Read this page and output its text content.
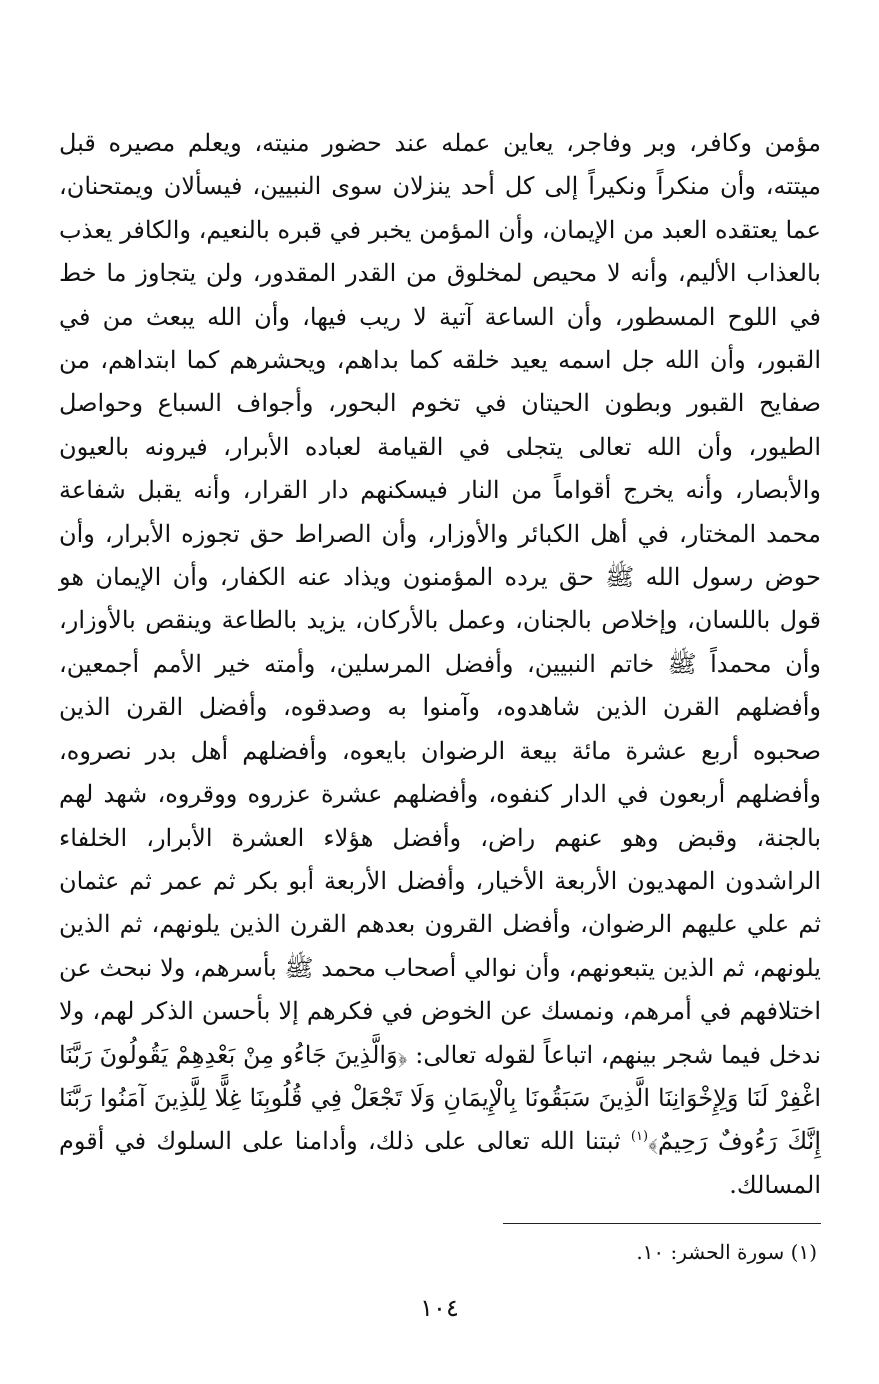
مؤمن وكافر، وبر وفاجر، يعاين عمله عند حضور منيته، ويعلم مصيره قبل ميتته، وأن منكراً ونكيراً إلى كل أحد ينزلان سوى النبيين، فيسألان ويمتحنان، عما يعتقده العبد من الإيمان، وأن المؤمن يخبر في قبره بالنعيم، والكافر يعذب بالعذاب الأليم، وأنه لا محيص لمخلوق من القدر المقدور، ولن يتجاوز ما خط في اللوح المسطور، وأن الساعة آتية لا ريب فيها، وأن الله يبعث من في القبور، وأن الله جل اسمه يعيد خلقه كما بداهم، ويحشرهم كما ابتداهم، من صفايح القبور وبطون الحيتان في تخوم البحور، وأجواف السباع وحواصل الطيور، وأن الله تعالى يتجلى في القيامة لعباده الأبرار، فيرونه بالعيون والأبصار، وأنه يخرج أقواماً من النار فيسكنهم دار القرار، وأنه يقبل شفاعة محمد المختار، في أهل الكبائر والأوزار، وأن الصراط حق تجوزه الأبرار، وأن حوض رسول الله ﷺ حق يرده المؤمنون ويذاد عنه الكفار، وأن الإيمان هو قول باللسان، وإخلاص بالجنان، وعمل بالأركان، يزيد بالطاعة وينقص بالأوزار، وأن محمداً ﷺ خاتم النبيين، وأفضل المرسلين، وأمته خير الأمم أجمعين، وأفضلهم القرن الذين شاهدوه، وآمنوا به وصدقوه، وأفضل القرن الذين صحبوه أربع عشرة مائة بيعة الرضوان بايعوه، وأفضلهم أهل بدر نصروه، وأفضلهم أربعون في الدار كنفوه، وأفضلهم عشرة عزروه ووقروه، شهد لهم بالجنة، وقبض وهو عنهم راض، وأفضل هؤلاء العشرة الأبرار، الخلفاء الراشدون المهديون الأربعة الأخيار، وأفضل الأربعة أبو بكر ثم عمر ثم عثمان ثم علي عليهم الرضوان، وأفضل القرون بعدهم القرن الذين يلونهم، ثم الذين يلونهم، ثم الذين يتبعونهم، وأن نوالي أصحاب محمد ﷺ بأسرهم، ولا نبحث عن اختلافهم في أمرهم، ونمسك عن الخوض في فكرهم إلا بأحسن الذكر لهم، ولا ندخل فيما شجر بينهم، اتباعاً لقوله تعالى: ﴿وَالَّذِينَ جَاءُو مِنْ بَعْدِهِمْ يَقُولُونَ رَبَّنَا اغْفِرْ لَنَا وَلِإِخْوَانِنَا الَّذِينَ سَبَقُونَا بِالْإِيمَانِ وَلَا تَجْعَلْ فِي قُلُوبِنَا غِلًّا لِلَّذِينَ آمَنُوا رَبَّنَا إِنَّكَ رَءُوفٌ رَحِيمٌ﴾$^{(١)}$ ثبتنا الله تعالى على ذلك، وأدامنا على السلوك في أقوم المسالك.

(١) سورة الحشر: ١٠.
١٠٤
